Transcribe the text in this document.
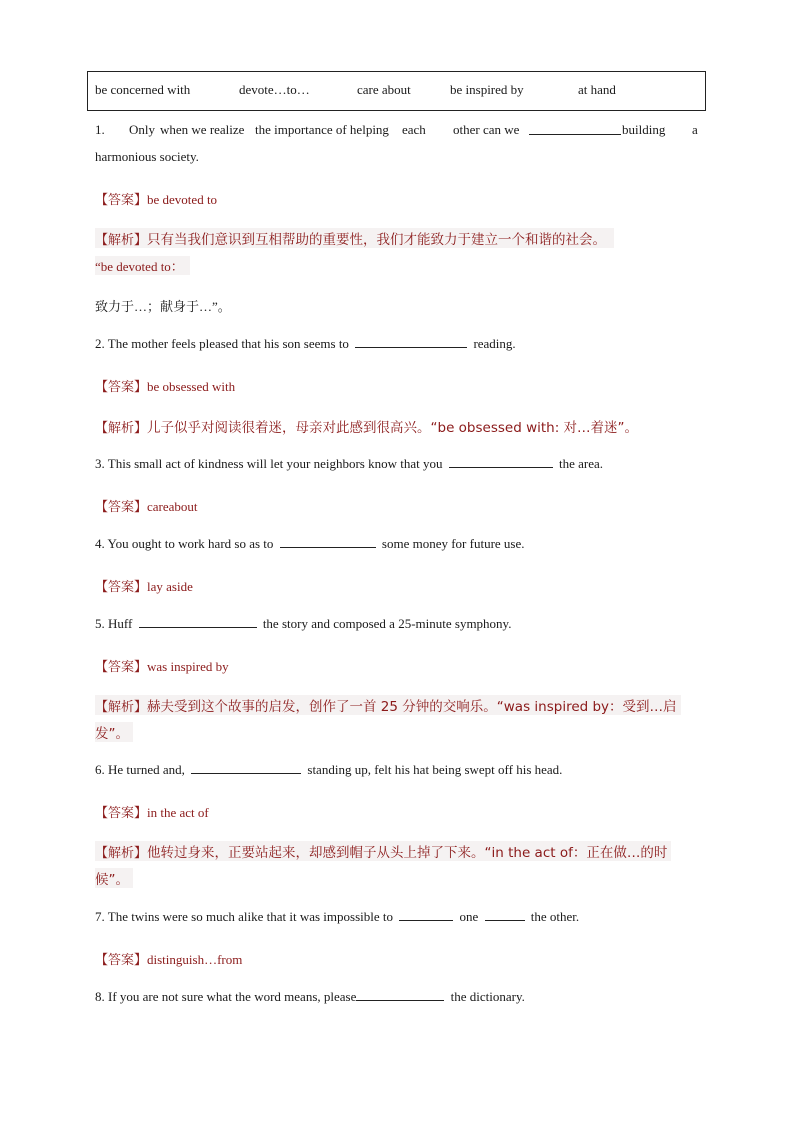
be concerned with	devote…to…	care about	be inspired by	at hand
1. Only when we realize the importance of helping each other can we	building a
harmonious society.
【答案】be devoted to
【解析】只有当我们意识到互相帮助的重要性，我们才能致力于建立一个和谐的社会。
“be devoted to：
致力于…；献身于…”。
2. The mother feels pleased that his son seems to	reading.
【答案】be obsessed with
【解析】儿子似乎对阅读很着迷，母亲对此感到很高兴。“be obsessed with: 对…着迷”。
3. This small act of kindness will let your neighbors know that you	the area.
【答案】careabout
4. You ought to work hard so as to	some money for future use.
【答案】lay aside
5. Huff	the story and composed a 25-minute symphony.
【答案】was inspired by
【解析】赫夫受到这个故事的启发，创作了一首 25 分钟的交响乐。“was inspired by：受到…启
发”。
6. He turned and,	standing up, felt his hat being swept off his head.
【答案】in the act of
【解析】他转过身来，正要站起来，却感到帽子从头上掉了下来。“in the act of：正在做…的时
候”。
7. The twins were so much alike that it was impossible to	one	the other.
【答案】distinguish…from
8. If you are not sure what the word means, please	the dictionary.
